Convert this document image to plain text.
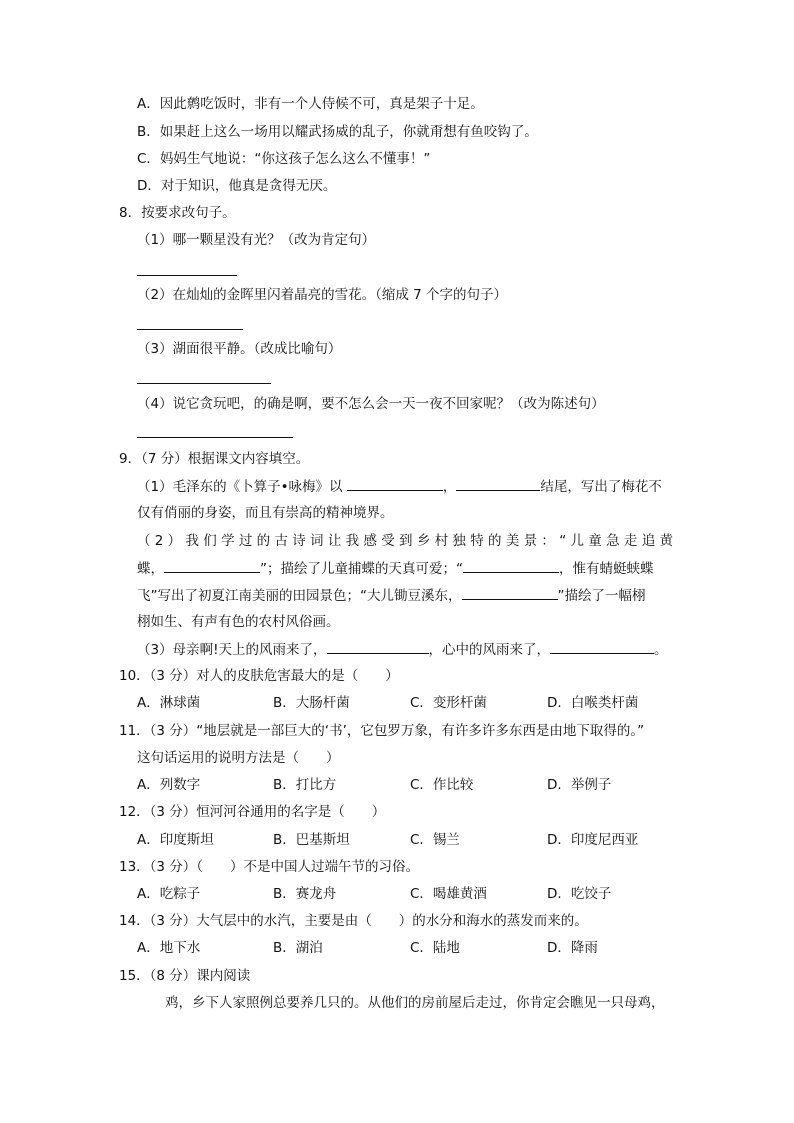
A．因此鹩吃饭时，非有一个人侍候不可，真是架子十足。
B．如果赶上这么一场用以耀武扬威的乱子，你就甭想有鱼咬钩了。
C．妈妈生气地说：“你这孩子怎么这么不懂事！”
D．对于知识，他真是贪得无厌。
8．按要求改句子。
（1）哪一颗星没有光？（改为肯定句）
（2）在灿灿的金晖里闪着晶亮的雪花。（缩成 7 个字的句子）
（3）湖面很平静。（改成比喻句）
（4）说它贪玩吧，的确是啊，要不怎么会一天一夜不回家呢？（改为陈述句）
9．（7 分）根据课文内容填空。
（1）毛泽东的《卜算子•咏梅》以	，	结尾，写出了梅花不
仅有俏丽的身姿，而且有崇高的精神境界。
（2）我们学过的古诗词让我感受到乡村独特的美景：“儿童急走追黄
蝶，	”；描绘了儿童捕蝶的天真可爱；“	，惟有蜻蜓蛱蝶
飞”写出了初夏江南美丽的田园景色；“大儿锄豆溪东，	”描绘了一幅栩
栩如生、有声有色的农村风俗画。
（3）母亲啊!天上的风雨来了，	，心中的风雨来了，	。
10．（3 分）对人的皮肤危害最大的是（　　）
A．淋球菌	B．大肠杆菌	C．变形杆菌	D．白喉类杆菌
11．（3 分）“地层就是一部巨大的‘书’，它包罗万象，有许多许多东西是由地下取得的。”
这句话运用的说明方法是（　　）
A．列数字	B．打比方	C．作比较	D．举例子
12．（3 分）恒河河谷通用的名字是（　　）
A．印度斯坦	B．巴基斯坦	C．锡兰	D．印度尼西亚
13．（3 分）（　　）不是中国人过端午节的习俗。
A．吃粽子	B．赛龙舟	C．喝雄黄酒	D．吃饺子
14．（3 分）大气层中的水汽，主要是由（　　）的水分和海水的蒸发而来的。
A．地下水	B．湖泊	C．陆地	D．降雨
15．（8 分）课内阅读
鸡，乡下人家照例总要养几只的。从他们的房前屋后走过，你肯定会瞧见一只母鸡，
